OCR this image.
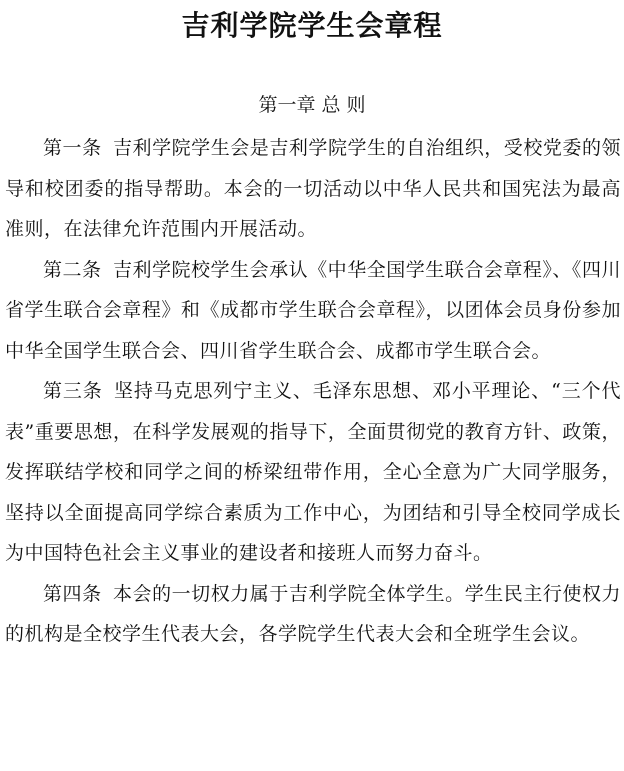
吉利学院学生会章程
第一章 总 则

第一条 吉利学院学生会是吉利学院学生的自治组织，受校党委的领导和校团委的指导帮助。本会的一切活动以中华人民共和国宪法为最高准则，在法律允许范围内开展活动。

第二条 吉利学院校学生会承认《中华全国学生联合会章程》、《四川省学生联合会章程》和《成都市学生联合会章程》，以团体会员身份参加中华全国学生联合会、四川省学生联合会、成都市学生联合会。

第三条 坚持马克思列宁主义、毛泽东思想、邓小平理论、“三个代表”重要思想，在科学发展观的指导下，全面贯彻党的教育方针、政策，发挥联结学校和同学之间的桥梁纽带作用，全心全意为广大同学服务，坚持以全面提高同学综合素质为工作中心，为团结和引导全校同学成长为中国特色社会主义事业的建设者和接班人而努力奋斗。

第四条 本会的一切权力属于吉利学院全体学生。学生民主行使权力的机构是全校学生代表大会，各学院学生代表大会和全班学生会议。
